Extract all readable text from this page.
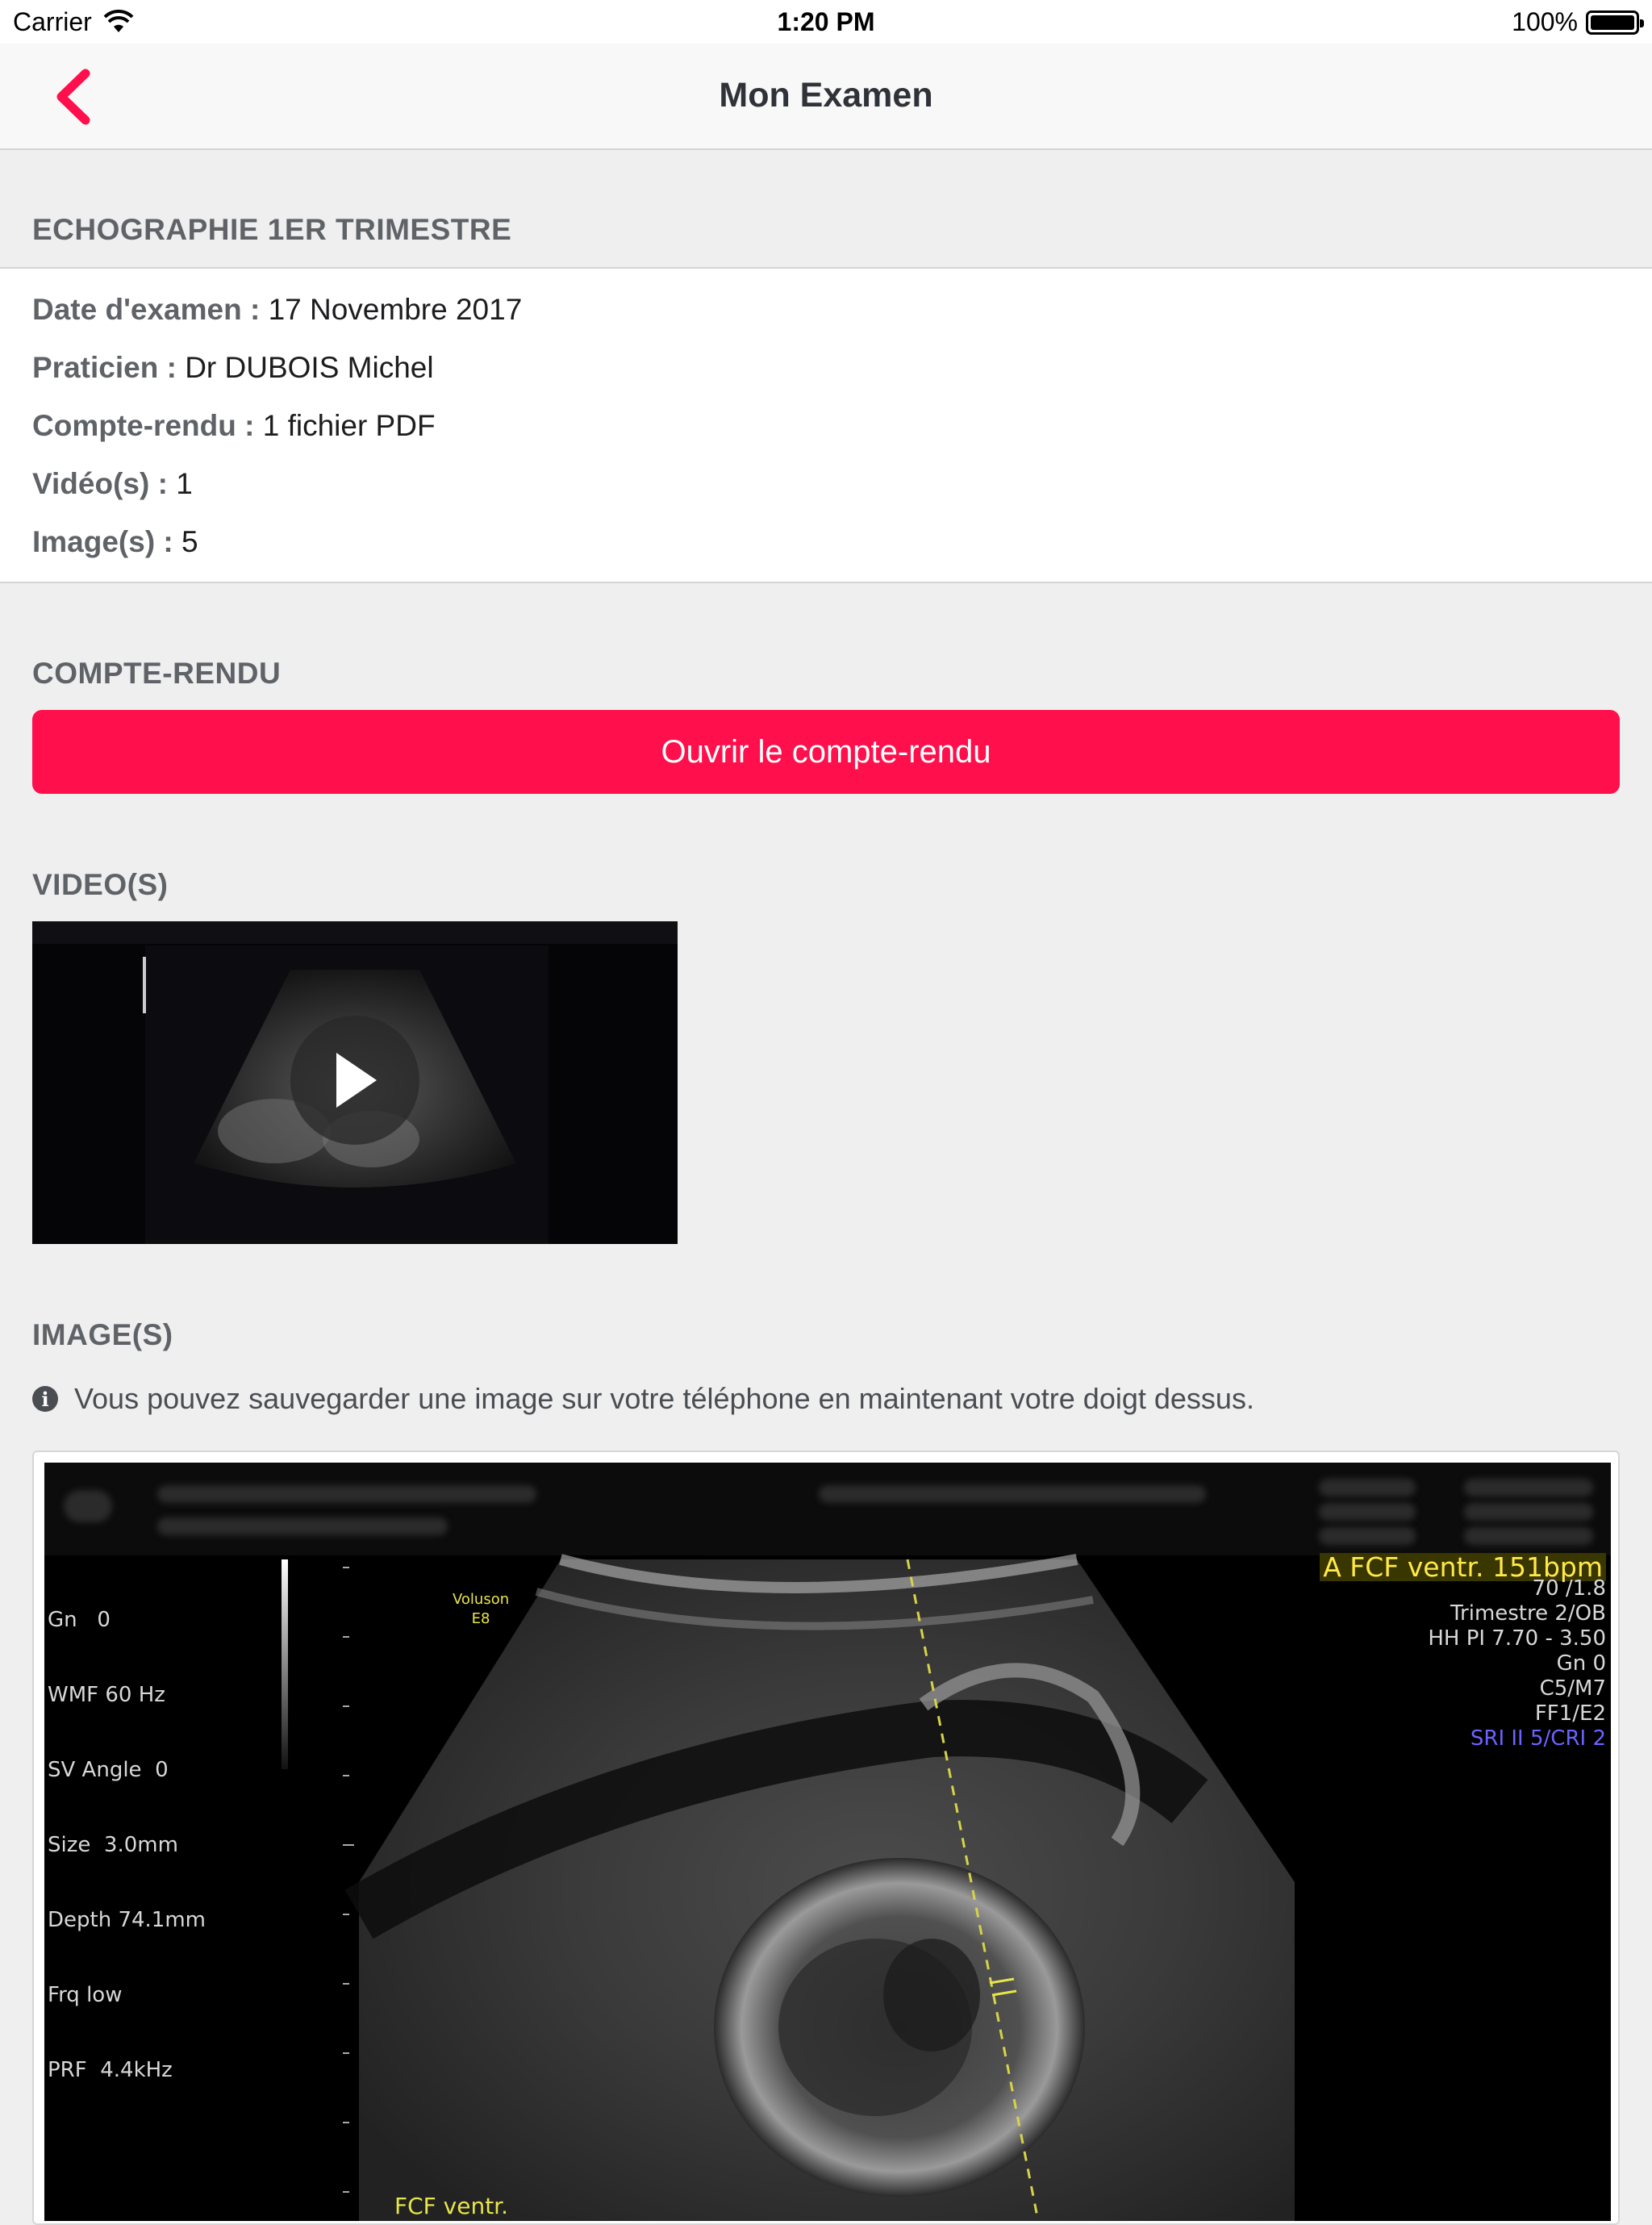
Carrier	1:20 PM	100%
Mon Examen
ECHOGRAPHIE 1ER TRIMESTRE
Date d'examen : 17 Novembre 2017
Praticien : Dr DUBOIS Michel
Compte-rendu : 1 fichier PDF
Vidéo(s) : 1
Image(s) : 5
COMPTE-RENDU
Ouvrir le compte-rendu
VIDEO(S)
IMAGE(S)
i Vous pouvez sauvegarder une image sur votre téléphone en maintenant votre doigt dessus.
Voluson
E8

Gn   0

WMF 60 Hz

SV Angle  0

Size  3.0mm

Depth 74.1mm

Frq low

PRF  4.4kHz

A FCF ventr. 151bpm
70 /1.8
Trimestre 2/OB
HH PI 7.70 - 3.50
Gn 0
C5/M7
FF1/E2
SRI II 5/CRI 2
FCF ventr.
